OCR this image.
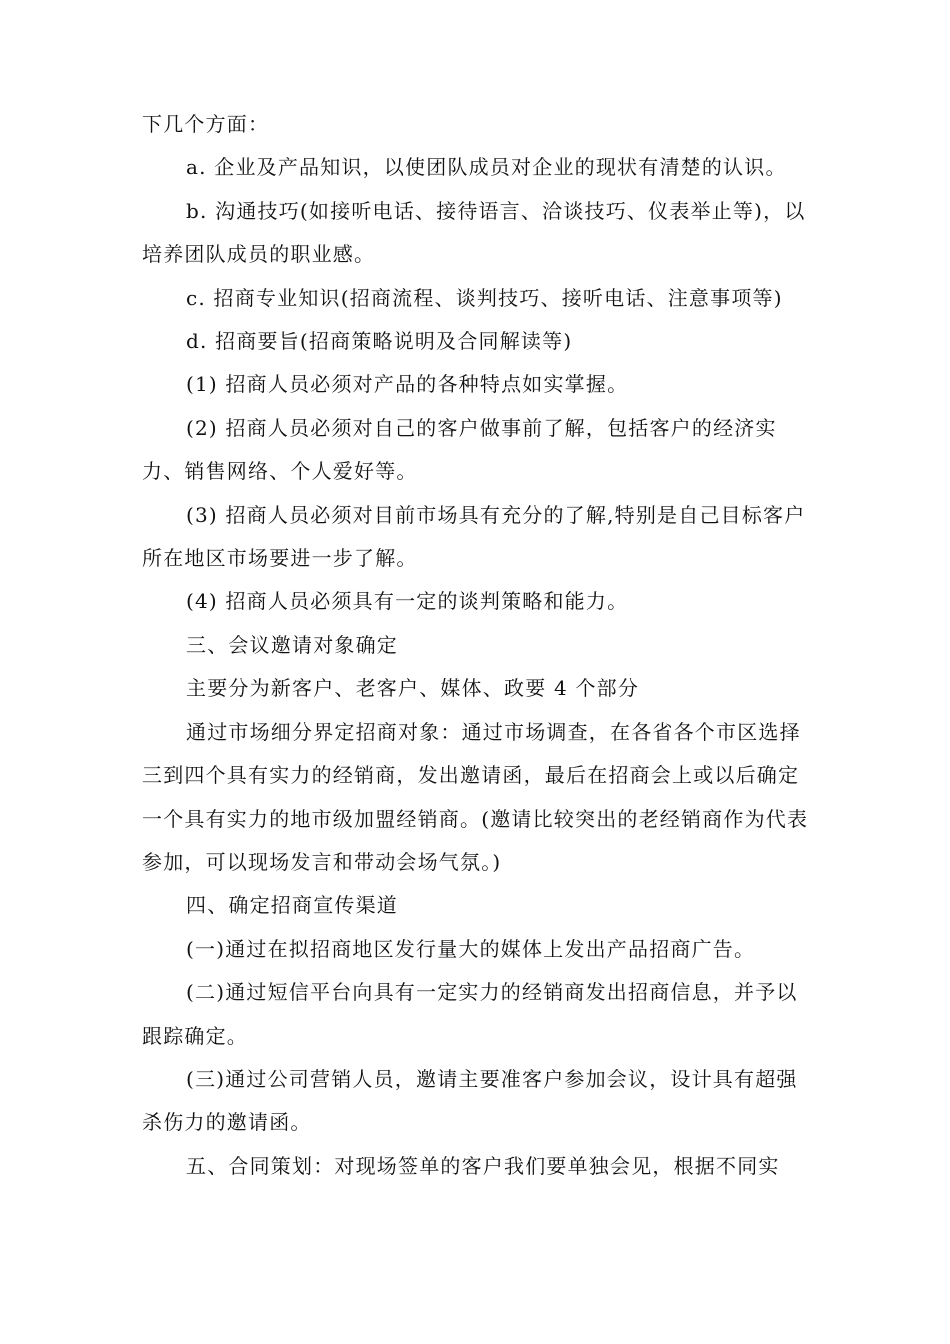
下几个方面：

a. 企业及产品知识，以使团队成员对企业的现状有清楚的认识。

b. 沟通技巧(如接听电话、接待语言、洽谈技巧、仪表举止等)，以培养团队成员的职业感。

c. 招商专业知识(招商流程、谈判技巧、接听电话、注意事项等)

d. 招商要旨(招商策略说明及合同解读等)

(1) 招商人员必须对产品的各种特点如实掌握。

(2) 招商人员必须对自己的客户做事前了解，包括客户的经济实力、销售网络、个人爱好等。

(3) 招商人员必须对目前市场具有充分的了解,特别是自己目标客户所在地区市场要进一步了解。

(4) 招商人员必须具有一定的谈判策略和能力。

三、会议邀请对象确定

主要分为新客户、老客户、媒体、政要 4 个部分

通过市场细分界定招商对象：通过市场调查，在各省各个市区选择三到四个具有实力的经销商，发出邀请函，最后在招商会上或以后确定一个具有实力的地市级加盟经销商。(邀请比较突出的老经销商作为代表参加，可以现场发言和带动会场气氛。)

四、确定招商宣传渠道

(一)通过在拟招商地区发行量大的媒体上发出产品招商广告。

(二)通过短信平台向具有一定实力的经销商发出招商信息，并予以跟踪确定。

(三)通过公司营销人员，邀请主要准客户参加会议，设计具有超强杀伤力的邀请函。

五、合同策划：对现场签单的客户我们要单独会见，根据不同实
